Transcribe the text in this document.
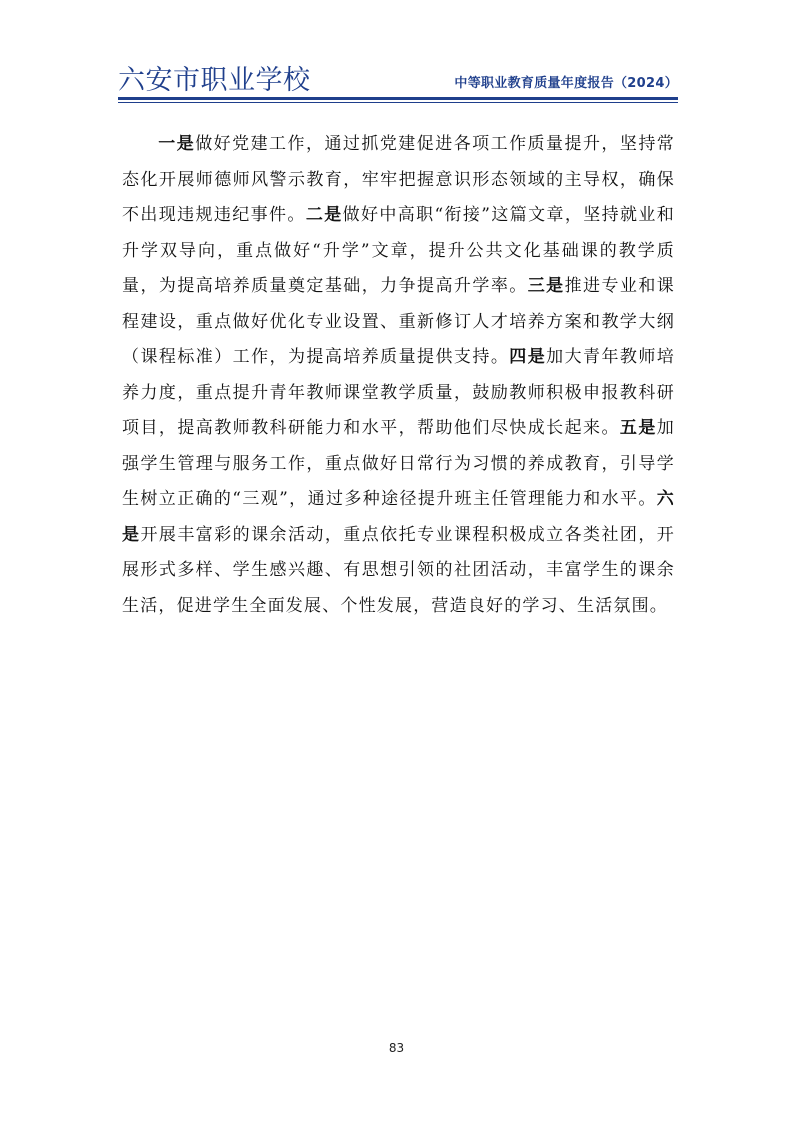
六安市职业学校	中等职业教育质量年度报告（2024）
一是做好党建工作，通过抓党建促进各项工作质量提升，坚持常态化开展师德师风警示教育，牢牢把握意识形态领域的主导权，确保不出现违规违纪事件。二是做好中高职“衔接”这篇文章，坚持就业和升学双导向，重点做好“升学”文章，提升公共文化基础课的教学质量，为提高培养质量奠定基础，力争提高升学率。三是推进专业和课程建设，重点做好优化专业设置、重新修订人才培养方案和教学大纲（课程标准）工作，为提高培养质量提供支持。四是加大青年教师培养力度，重点提升青年教师课堂教学质量，鼓励教师积极申报教科研项目，提高教师教科研能力和水平，帮助他们尽快成长起来。五是加强学生管理与服务工作，重点做好日常行为习惯的养成教育，引导学生树立正确的“三观”，通过多种途径提升班主任管理能力和水平。六是开展丰富彩的课余活动，重点依托专业课程积极成立各类社团，开展形式多样、学生感兴趣、有思想引领的社团活动，丰富学生的课余生活，促进学生全面发展、个性发展，营造良好的学习、生活氛围。
83
